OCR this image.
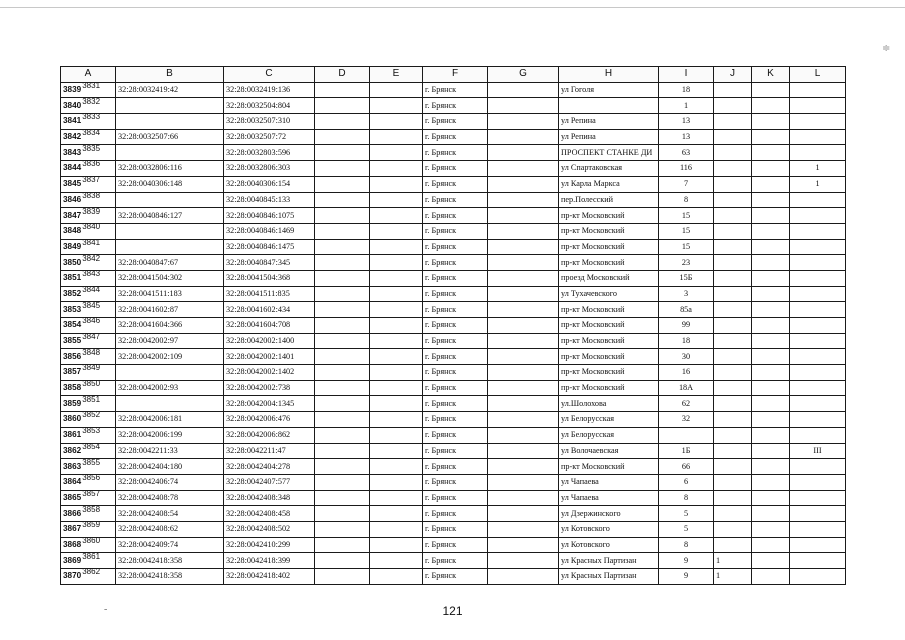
≑
A	B	C	D	E	F	G	H	I	J	K	L
38393831	32:28:0032419:42	32:28:0032419:136			г. Брянск		ул Гоголя	18			
38403832		32:28:0032504:804			г. Брянск			1			
38413833		32:28:0032507:310			г. Брянск		ул Репина	13			
38423834	32:28:0032507:66	32:28:0032507:72			г. Брянск		ул Репина	13			
38433835		32:28:0032803:596			г. Брянск		ПРОСПЕКТ СТАНКЕ ДИ	63			
38443836	32:28:0032806:116	32:28:0032806:303			г. Брянск		ул Спартаковская	116			1
38453837	32:28:0040306:148	32:28:0040306:154			г. Брянск		ул Карла Маркса	7			1
38463838		32:28:0040845:133			г. Брянск		пер.Полесский	8			
38473839	32:28:0040846:127	32:28:0040846:1075			г. Брянск		пр-кт Московский	15			
38483840		32:28:0040846:1469			г. Брянск		пр-кт Московский	15			
38493841		32:28:0040846:1475			г. Брянск		пр-кт Московский	15			
38503842	32:28:0040847:67	32:28:0040847:345			г. Брянск		пр-кт Московский	23			
38513843	32:28:0041504:302	32:28:0041504:368			г. Брянск		проезд Московский	15Б			
38523844	32:28:0041511:183	32:28:0041511:835			г. Брянск		ул Тухачевского	3			
38533845	32:28:0041602:87	32:28:0041602:434			г. Брянск		пр-кт Московский	85а			
38543846	32:28:0041604:366	32:28:0041604:708			г. Брянск		пр-кт Московский	99			
38553847	32:28:0042002:97	32:28:0042002:1400			г. Брянск		пр-кт Московский	18			
38563848	32:28:0042002:109	32:28:0042002:1401			г. Брянск		пр-кт Московский	30			
38573849		32:28:0042002:1402			г. Брянск		пр-кт Московский	16			
38583850	32:28:0042002:93	32:28:0042002:738			г. Брянск		пр-кт Московский	18А			
38593851		32:28:0042004:1345			г. Брянск		ул.Шолохова	62			
38603852	32:28:0042006:181	32:28:0042006:476			г. Брянск		ул Белорусская	32			
38613853	32:28:0042006:199	32:28:0042006:862			г. Брянск		ул Белорусская				
38623854	32:28:0042211:33	32:28:0042211:47			г. Брянск		ул Волочаевская	1Б			III
38633855	32:28:0042404:180	32:28:0042404:278			г. Брянск		пр-кт Московский	66			
38643856	32:28:0042406:74	32:28:0042407:577			г. Брянск		ул Чапаева	6			
38653857	32:28:0042408:78	32:28:0042408:348			г. Брянск		ул Чапаева	8			
38663858	32:28:0042408:54	32:28:0042408:458			г. Брянск		ул Дзержинского	5			
38673859	32:28:0042408:62	32:28:0042408:502			г. Брянск		ул Котовского	5			
38683860	32:28:0042409:74	32:28:0042410:299			г. Брянск		ул Котовского	8			
38693861	32:28:0042418:358	32:28:0042418:399			г. Брянск		ул Красных Партизан	9	1		
38703862	32:28:0042418:358	32:28:0042418:402			г. Брянск		ул Красных Партизан	9	1		
-	121
